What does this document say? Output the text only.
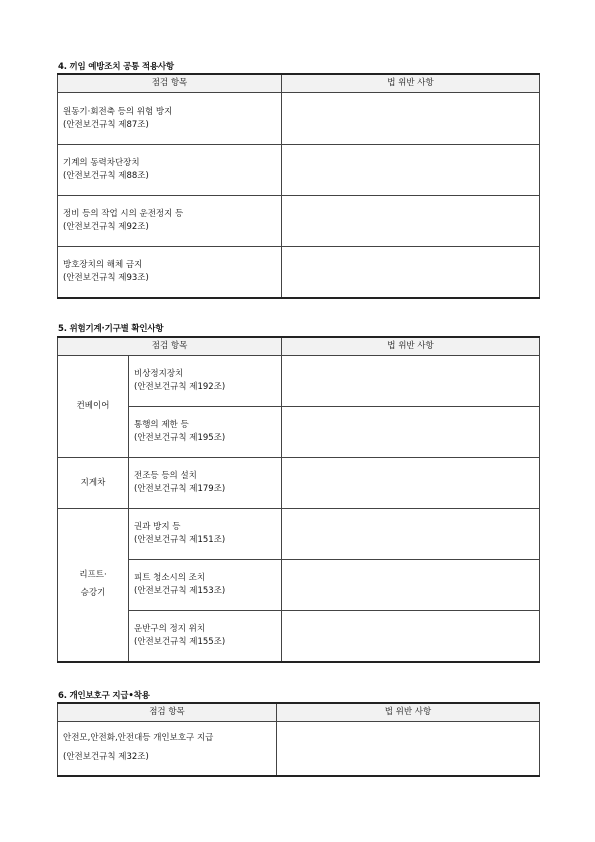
4. 끼임 예방조치 공통 적용사항
점검 항목	법 위반 사항

원동기·회전축 등의 위험 방지
(안전보건규칙 제87조)	

기계의 동력차단장치
(안전보건규칙 제88조)	

정비 등의 작업 시의 운전정지 등
(안전보건규칙 제92조)	

방호장치의 해체 금지
(안전보건규칙 제93조)	

5. 위험기계·기구별 확인사항
점검 항목		법 위반 사항
컨베이어	비상정지장치
(안전보건규칙 제192조)	

	통행의 제한 등
(안전보건규칙 제195조)	

지게차	전조등 등의 설치
(안전보건규칙 제179조)	

리프트·
승강기	권과 방지 등
(안전보건규칙 제151조)	

	피트 청소시의 조치
(안전보건규칙 제153조)	

	운반구의 정지 위치
(안전보건규칙 제155조)	

6. 개인보호구 지급•착용
점검 항목	법 위반 사항

안전모,안전화,안전대등 개인보호구 지급
(안전보건규칙 제32조)	
